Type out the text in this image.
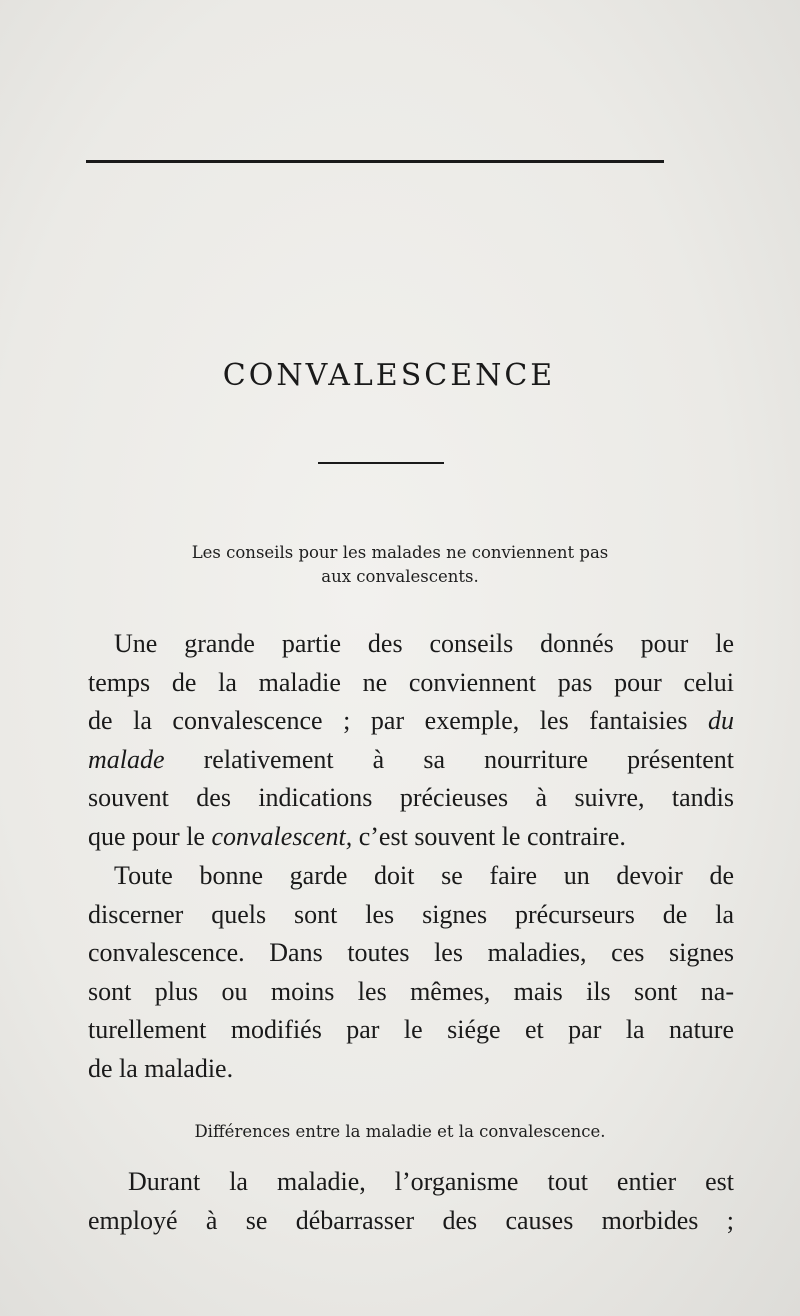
CONVALESCENCE
Les conseils pour les malades ne conviennent pas
aux convalescents.
Une grande partie des conseils donnés pour le
temps de la maladie ne conviennent pas pour celui
de la convalescence ; par exemple, les fantaisies du
malade relativement à sa nourriture présentent
souvent des indications précieuses à suivre, tandis
que pour le convalescent, c’est souvent le contraire.
Toute bonne garde doit se faire un devoir de
discerner quels sont les signes précurseurs de la
convalescence. Dans toutes les maladies, ces signes
sont plus ou moins les mêmes, mais ils sont na-
turellement modifiés par le siége et par la nature
de la maladie.
Différences entre la maladie et la convalescence.
Durant la maladie, l’organisme tout entier est
employé à se débarrasser des causes morbides ;
